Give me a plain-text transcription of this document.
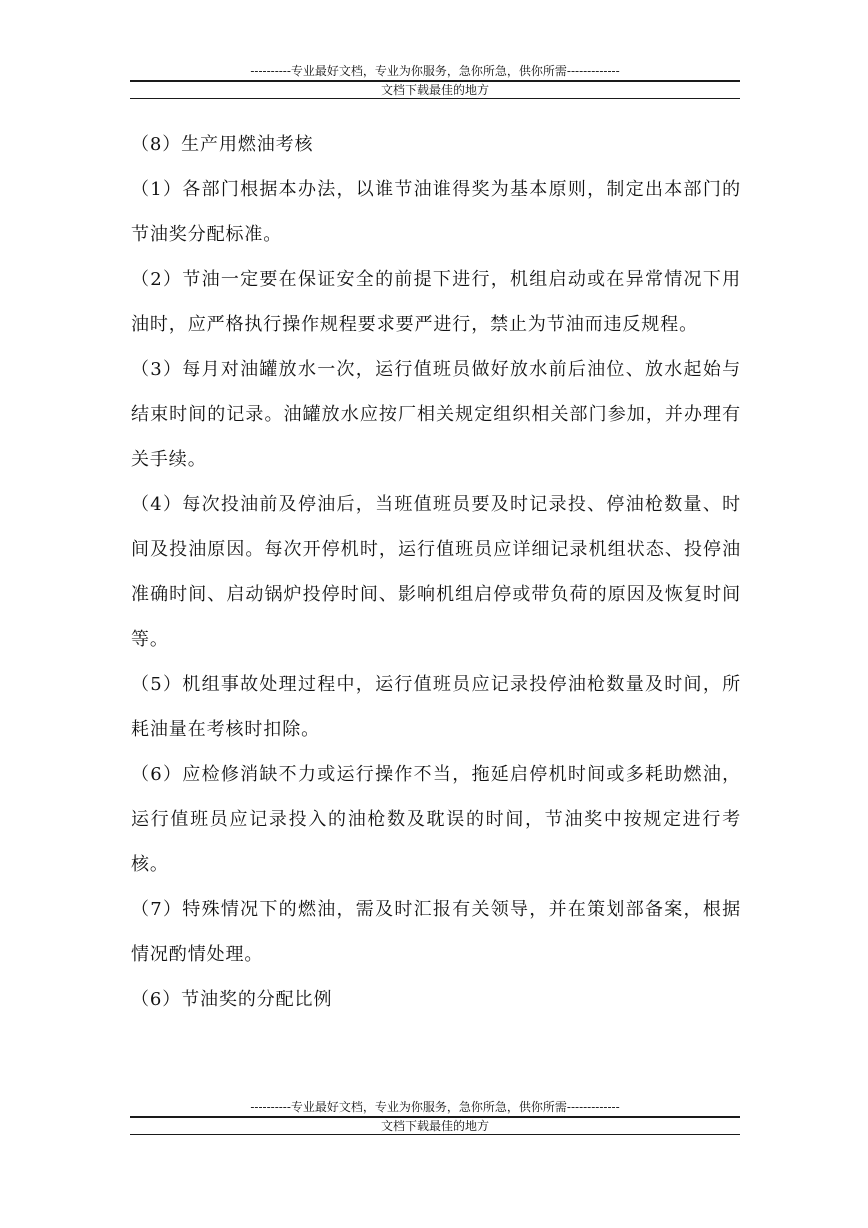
----------专业最好文档，专业为你服务，急你所急，供你所需-------------
文档下载最佳的地方

（8）生产用燃油考核

（1）各部门根据本办法，以谁节油谁得奖为基本原则，制定出本部门的节油奖分配标准。

（2）节油一定要在保证安全的前提下进行，机组启动或在异常情况下用油时，应严格执行操作规程要求要严进行，禁止为节油而违反规程。

（3）每月对油罐放水一次，运行值班员做好放水前后油位、放水起始与结束时间的记录。油罐放水应按厂相关规定组织相关部门参加，并办理有关手续。

（4）每次投油前及停油后，当班值班员要及时记录投、停油枪数量、时间及投油原因。每次开停机时，运行值班员应详细记录机组状态、投停油准确时间、启动锅炉投停时间、影响机组启停或带负荷的原因及恢复时间等。

（5）机组事故处理过程中，运行值班员应记录投停油枪数量及时间，所耗油量在考核时扣除。

（6）应检修消缺不力或运行操作不当，拖延启停机时间或多耗助燃油，运行值班员应记录投入的油枪数及耽误的时间，节油奖中按规定进行考核。

（7）特殊情况下的燃油，需及时汇报有关领导，并在策划部备案，根据情况酌情处理。

（6）节油奖的分配比例

----------专业最好文档，专业为你服务，急你所急，供你所需-------------
文档下载最佳的地方
